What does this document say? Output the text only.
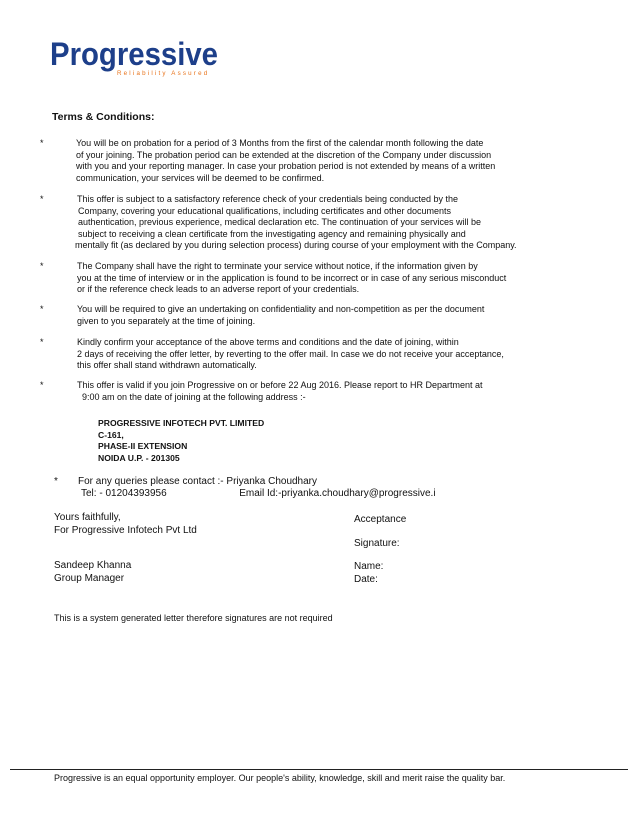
Progressive
Reliability Assured
Terms & Conditions:
*	You will be on probation for a period of 3 Months from the first of the calendar month following the date
of your joining. The probation period can be extended at the discretion of the Company under discussion
with you and your reporting manager. In case your probation period is not extended by means of a written
communication, your services will be deemed to be confirmed.
*	This offer is subject to a satisfactory reference check of your credentials being conducted by the
Company, covering your educational qualifications, including certificates and other documents
authentication, previous experience, medical declaration etc. The continuation of your services will be
subject to receiving a clean certificate from the investigating agency and remaining physically and
mentally fit (as declared by you during selection process) during course of your employment with the Company.
*	The Company shall have the right to terminate your service without notice, if the information given by
you at the time of interview or in the application is found to be incorrect or in case of any serious misconduct
or if the reference check leads to an adverse report of your credentials.
*	You will be required to give an undertaking on confidentiality and non-competition as per the document
given to you separately at the time of joining.
*	Kindly confirm your acceptance of the above terms and conditions and the date of joining, within
2 days of receiving the offer letter, by reverting to the offer mail. In case we do not receive your acceptance,
this offer shall stand withdrawn automatically.
*	This offer is valid if you join Progressive on or before 22 Aug 2016. Please report to HR Department at
9:00 am on the date of joining at the following address :-
PROGRESSIVE INFOTECH PVT. LIMITED
C-161,
PHASE-II EXTENSION
NOIDA U.P. - 201305
*	For any queries please contact :- Priyanka Choudhary
Tel: - 01204393956	Email Id:-priyanka.choudhary@progressive.i
Yours faithfully,
For Progressive Infotech Pvt Ltd
Sandeep Khanna
Group Manager
Acceptance
Signature:
Name:
Date:
This is a system generated letter therefore signatures are not required
Progressive is an equal opportunity employer. Our people's ability, knowledge, skill and merit raise the quality bar.
